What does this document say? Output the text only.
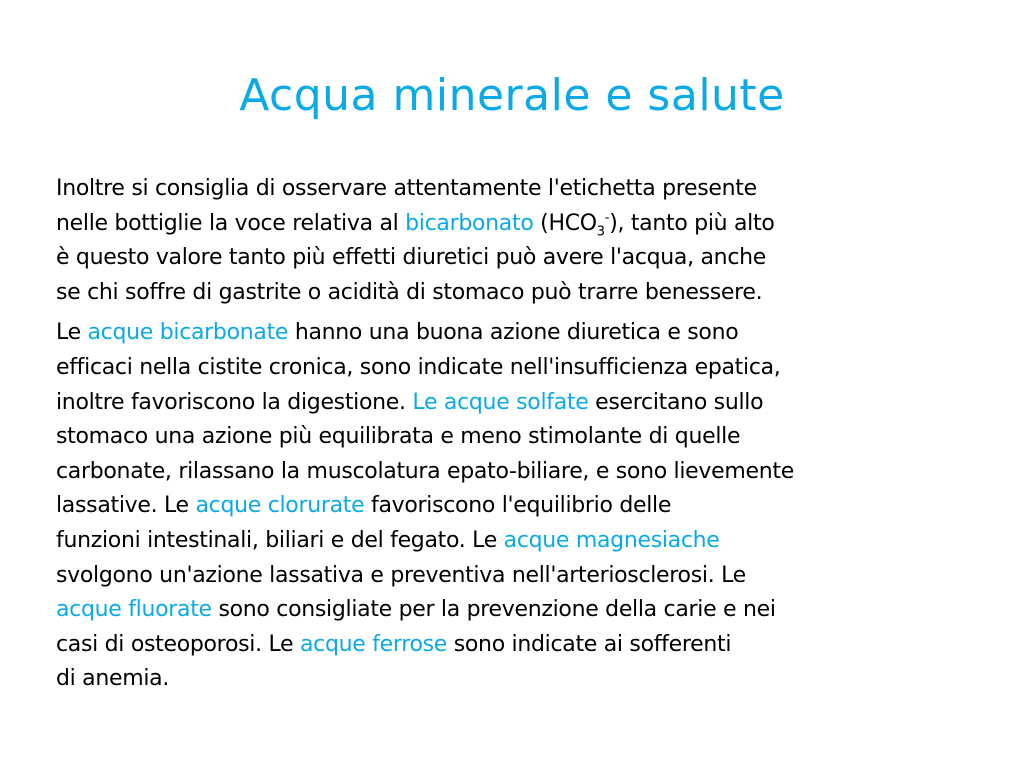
Acqua minerale e salute

Inoltre si consiglia di osservare attentamente l'etichetta presente
nelle bottiglie la voce relativa al bicarbonato $(HCO_3^-)$, tanto più alto
è questo valore tanto più effetti diuretici può avere l'acqua, anche
se chi soffre di gastrite o acidità di stomaco può trarre benessere.

Le acque bicarbonate hanno una buona azione diuretica e sono
efficaci nella cistite cronica, sono indicate nell'insufficienza epatica,
inoltre favoriscono la digestione. Le acque solfate esercitano sullo
stomaco una azione più equilibrata e meno stimolante di quelle
carbonate, rilassano la muscolatura epato-biliare, e sono lievemente
lassative. Le acque clorurate favoriscono l'equilibrio delle
funzioni intestinali, biliari e del fegato. Le acque magnesiache
svolgono un'azione lassativa e preventiva nell'arteriosclerosi. Le
acque fluorate sono consigliate per la prevenzione della carie e nei
casi di osteoporosi. Le acque ferrose sono indicate ai sofferenti
di anemia.
